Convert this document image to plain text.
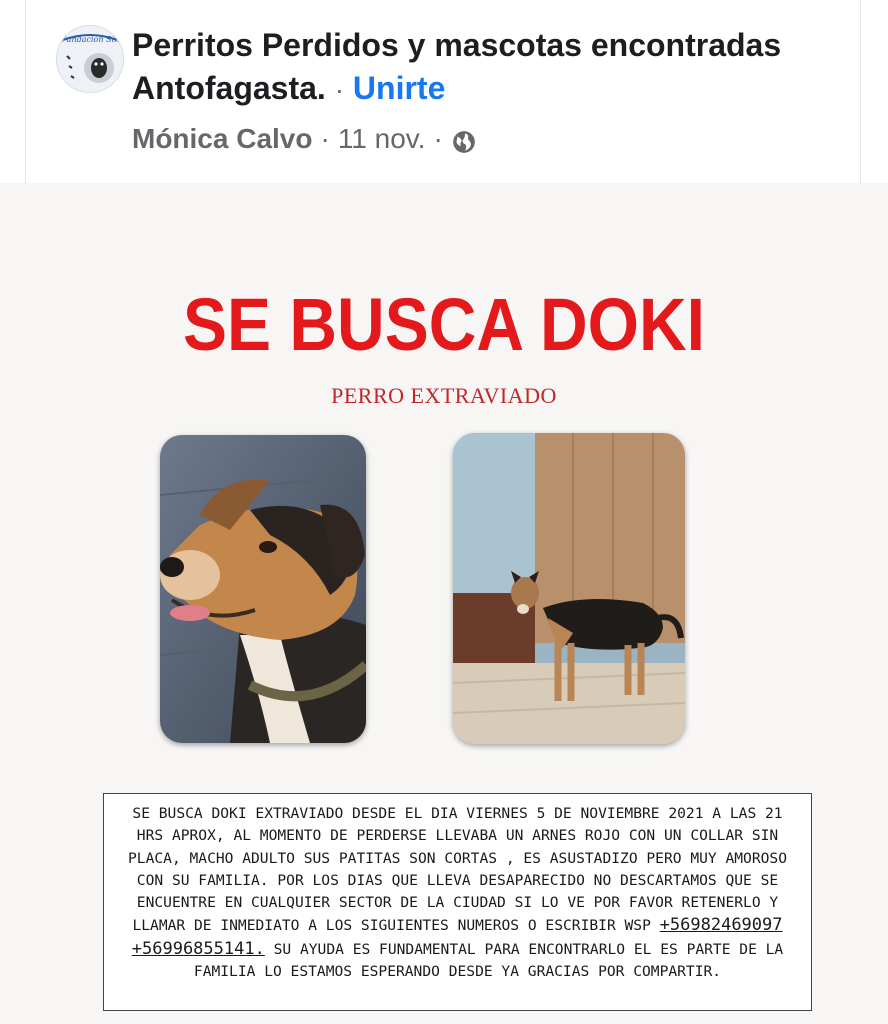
Fundación Sin Perritos Perdidos y mascotas encontradas Antofagasta. · Unirte
Mónica Calvo · 11 nov. ·
SE BUSCA DOKI
PERRO EXTRAVIADO
SE BUSCA DOKI EXTRAVIADO DESDE EL DIA VIERNES 5 DE NOVIEMBRE 2021 A LAS 21 HRS APROX, AL MOMENTO DE PERDERSE LLEVABA UN ARNES ROJO CON UN COLLAR SIN PLACA, MACHO ADULTO SUS PATITAS SON CORTAS , ES ASUSTADIZO PERO MUY AMOROSO CON SU FAMILIA. POR LOS DIAS QUE LLEVA DESAPARECIDO NO DESCARTAMOS QUE SE ENCUENTRE EN CUALQUIER SECTOR DE LA CIUDAD SI LO VE POR FAVOR RETENERLO Y LLAMAR DE INMEDIATO A LOS SIGUIENTES NUMEROS O ESCRIBIR WSP +56982469097 +56996855141. SU AYUDA ES FUNDAMENTAL PARA ENCONTRARLO EL ES PARTE DE LA FAMILIA LO ESTAMOS ESPERANDO DESDE YA GRACIAS POR COMPARTIR.
